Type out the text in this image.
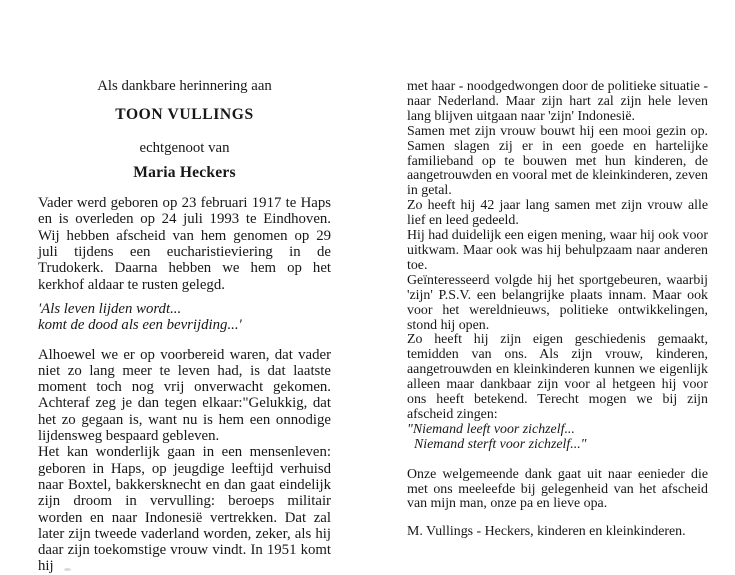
Als dankbare herinnering aan
TOON VULLINGS
echtgenoot van
Maria Heckers

Vader werd geboren op 23 februari 1917 te Haps en is overleden op 24 juli 1993 te Eindhoven. Wij hebben afscheid van hem genomen op 29 juli tijdens een eucharistieviering in de Trudokerk. Daarna hebben we hem op het kerkhof aldaar te rusten gelegd.

'Als leven lijden wordt...
komt de dood als een bevrijding...'

Alhoewel we er op voorbereid waren, dat vader niet zo lang meer te leven had, is dat laatste moment toch nog vrij onverwacht gekomen. Achteraf zeg je dan tegen elkaar:"Gelukkig, dat het zo gegaan is, want nu is hem een onnodige lijdensweg bespaard gebleven.

Het kan wonderlijk gaan in een mensenleven: geboren in Haps, op jeugdige leeftijd verhuisd naar Boxtel, bakkersknecht en dan gaat eindelijk zijn droom in vervulling: beroeps militair worden en naar Indonesië vertrekken. Dat zal later zijn tweede vaderland worden, zeker, als hij daar zijn toekomstige vrouw vindt. In 1951 komt hij

met haar - noodgedwongen door de politieke situatie - naar Nederland. Maar zijn hart zal zijn hele leven lang blijven uitgaan naar 'zijn' Indonesië.

Samen met zijn vrouw bouwt hij een mooi gezin op. Samen slagen zij er in een goede en hartelijke familieband op te bouwen met hun kinderen, de aangetrouwden en vooral met de kleinkinderen, zeven in getal.

Zo heeft hij 42 jaar lang samen met zijn vrouw alle lief en leed gedeeld.

Hij had duidelijk een eigen mening, waar hij ook voor uitkwam. Maar ook was hij behulpzaam naar anderen toe.

Geïnteresseerd volgde hij het sportgebeuren, waarbij 'zijn' P.S.V. een belangrijke plaats innam. Maar ook voor het wereldnieuws, politieke ontwikkelingen, stond hij open.

Zo heeft hij zijn eigen geschiedenis gemaakt, temidden van ons. Als zijn vrouw, kinderen, aangetrouwden en kleinkinderen kunnen we eigenlijk alleen maar dankbaar zijn voor al hetgeen hij voor ons heeft betekend. Terecht mogen we bij zijn afscheid zingen:

"Niemand leeft voor zichzelf...
Niemand sterft voor zichzelf..."

Onze welgemeende dank gaat uit naar eenieder die met ons meeleefde bij gelegenheid van het afscheid van mijn man, onze pa en lieve opa.

M. Vullings - Heckers, kinderen en kleinkinderen.
